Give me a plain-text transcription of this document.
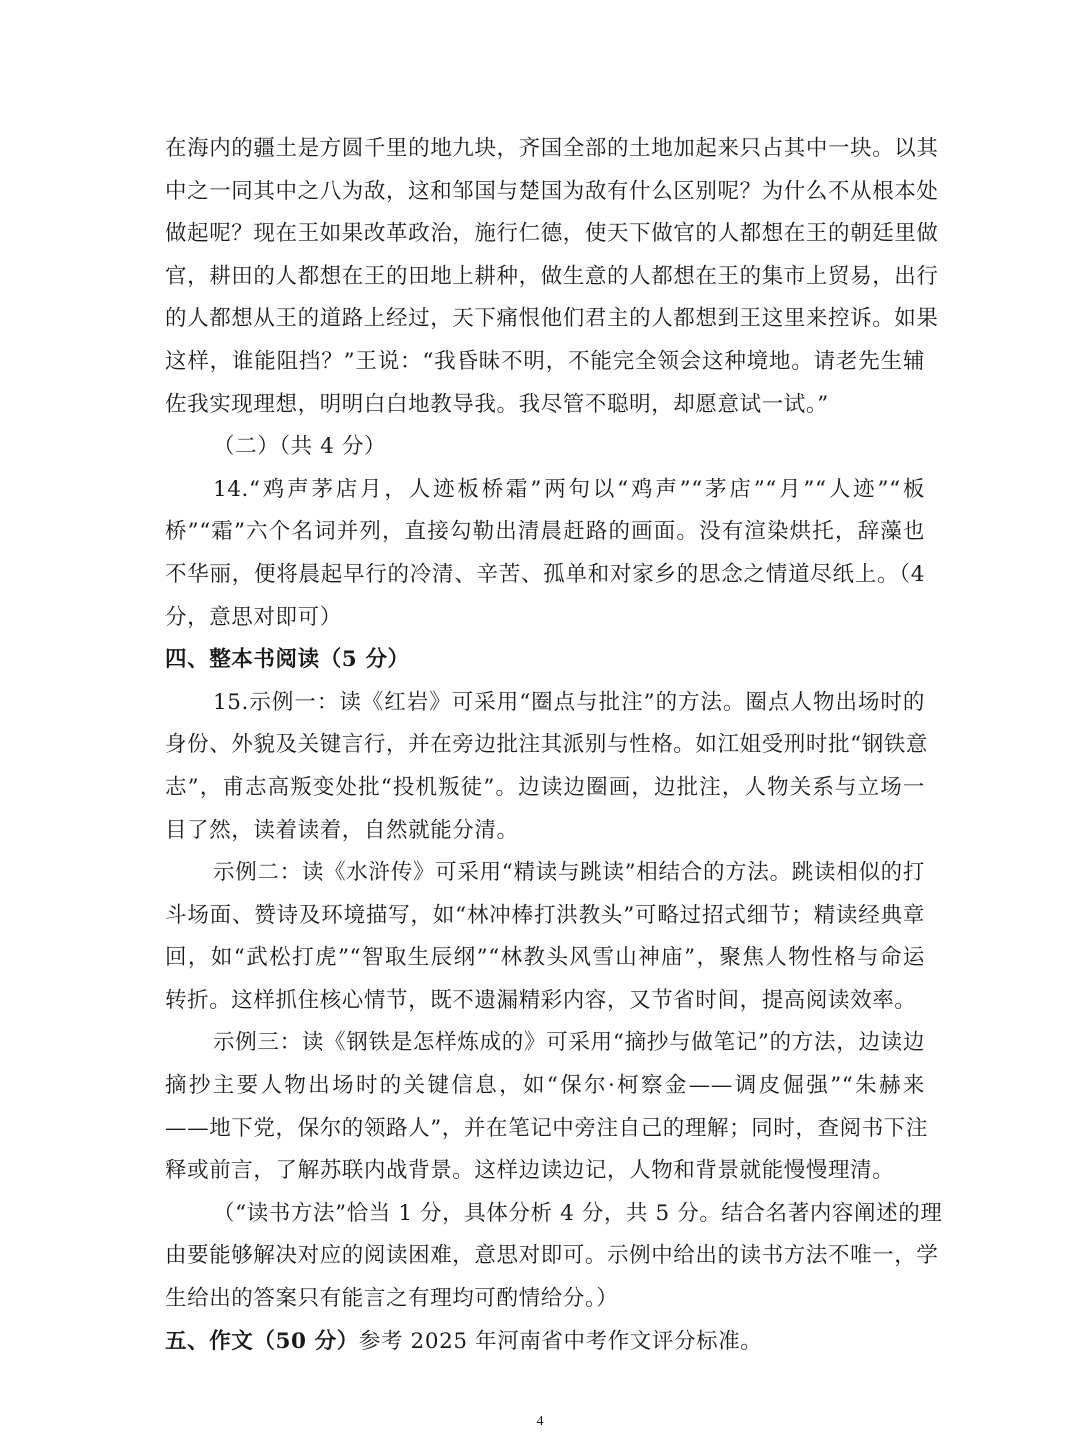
在海内的疆土是方圆千里的地九块，齐国全部的土地加起来只占其中一块。以其
中之一同其中之八为敌，这和邹国与楚国为敌有什么区别呢？为什么不从根本处
做起呢？现在王如果改革政治，施行仁德，使天下做官的人都想在王的朝廷里做
官，耕田的人都想在王的田地上耕种，做生意的人都想在王的集市上贸易，出行
的人都想从王的道路上经过，天下痛恨他们君主的人都想到王这里来控诉。如果
这样，谁能阻挡？”王说：“我昏昧不明，不能完全领会这种境地。请老先生辅
佐我实现理想，明明白白地教导我。我尽管不聪明，却愿意试一试。”
（二）（共 4 分）
14.“鸡声茅店月，人迹板桥霜”两句以“鸡声”“茅店”“月”“人迹”“板
桥”“霜”六个名词并列，直接勾勒出清晨赶路的画面。没有渲染烘托，辞藻也
不华丽，便将晨起早行的冷清、辛苦、孤单和对家乡的思念之情道尽纸上。（4
分，意思对即可）
四、整本书阅读（5 分）
15.示例一：读《红岩》可采用“圈点与批注”的方法。圈点人物出场时的
身份、外貌及关键言行，并在旁边批注其派别与性格。如江姐受刑时批“钢铁意
志”，甫志高叛变处批“投机叛徒”。边读边圈画，边批注，人物关系与立场一
目了然，读着读着，自然就能分清。
示例二：读《水浒传》可采用“精读与跳读”相结合的方法。跳读相似的打
斗场面、赞诗及环境描写，如“林冲棒打洪教头”可略过招式细节；精读经典章
回，如“武松打虎”“智取生辰纲”“林教头风雪山神庙”，聚焦人物性格与命运
转折。这样抓住核心情节，既不遗漏精彩内容，又节省时间，提高阅读效率。
示例三：读《钢铁是怎样炼成的》可采用“摘抄与做笔记”的方法，边读边
摘抄主要人物出场时的关键信息，如“保尔·柯察金——调皮倔强”“朱赫来
——地下党，保尔的领路人”，并在笔记中旁注自己的理解；同时，查阅书下注
释或前言，了解苏联内战背景。这样边读边记，人物和背景就能慢慢理清。
（“读书方法”恰当 1 分，具体分析 4 分，共 5 分。结合名著内容阐述的理
由要能够解决对应的阅读困难，意思对即可。示例中给出的读书方法不唯一，学
生给出的答案只有能言之有理均可酌情给分。）
五、作文（50 分）参考 2025 年河南省中考作文评分标准。
4
